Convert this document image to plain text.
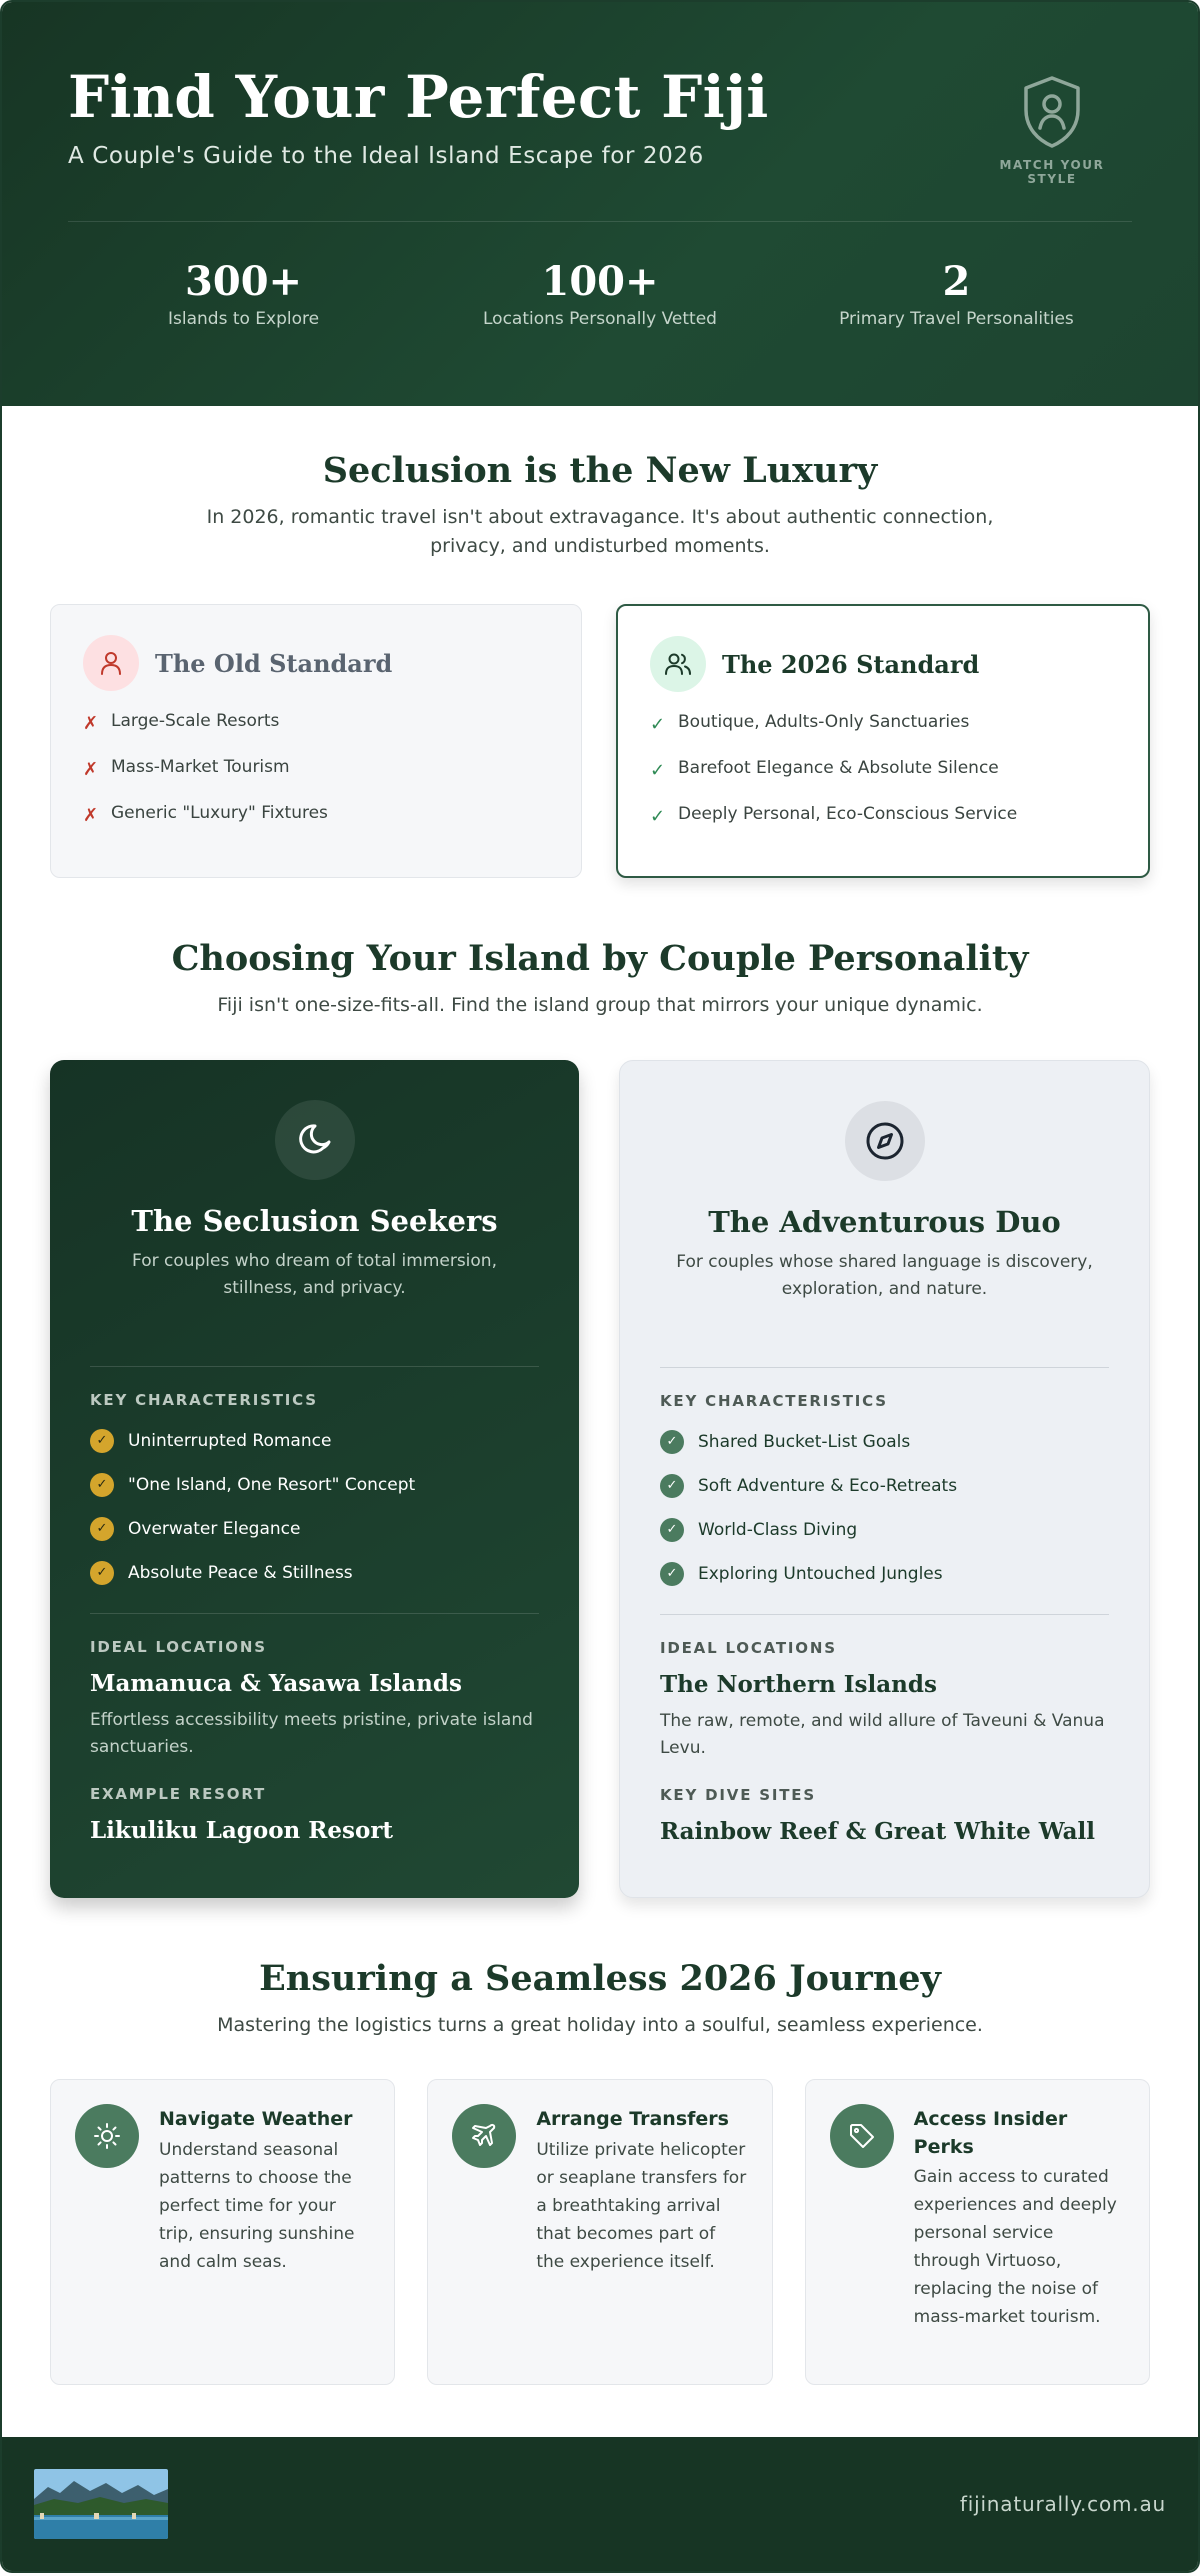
Find Your Perfect Fiji
A Couple's Guide to the Ideal Island Escape for 2026	MATCH YOUR STYLE
300+
Islands to Explore
100+
Locations Personally Vetted
2
Primary Travel Personalities
Seclusion is the New Luxury

In 2026, romantic travel isn't about extravagance. It's about authentic connection, privacy, and undisturbed moments.

The Old Standard
✗ Large-Scale Resorts
✗ Mass-Market Tourism
✗ Generic "Luxury" Fixtures
The 2026 Standard
✓ Boutique, Adults-Only Sanctuaries
✓ Barefoot Elegance & Absolute Silence
✓ Deeply Personal, Eco-Conscious Service
Choosing Your Island by Couple Personality

Fiji isn't one-size-fits-all. Find the island group that mirrors your unique dynamic.

The Seclusion Seekers

For couples who dream of total immersion, stillness, and privacy.

KEY CHARACTERISTICS
✓	Uninterrupted Romance
✓	"One Island, One Resort" Concept
✓	Overwater Elegance
✓	Absolute Peace & Stillness
IDEAL LOCATIONS
Mamanuca & Yasawa Islands

Effortless accessibility meets pristine, private island sanctuaries.

EXAMPLE RESORT
Likuliku Lagoon Resort
The Adventurous Duo

For couples whose shared language is discovery, exploration, and nature.

KEY CHARACTERISTICS
✓	Shared Bucket-List Goals
✓	Soft Adventure & Eco-Retreats
✓	World-Class Diving
✓	Exploring Untouched Jungles
IDEAL LOCATIONS
The Northern Islands

The raw, remote, and wild allure of Taveuni & Vanua Levu.

KEY DIVE SITES
Rainbow Reef & Great White Wall
Ensuring a Seamless 2026 Journey

Mastering the logistics turns a great holiday into a soulful, seamless experience.

Navigate Weather

Understand seasonal patterns to choose the perfect time for your trip, ensuring sunshine and calm seas.

Arrange Transfers

Utilize private helicopter or seaplane transfers for a breathtaking arrival that becomes part of the experience itself.

Access Insider Perks

Gain access to curated experiences and deeply personal service through Virtuoso, replacing the noise of mass-market tourism.

fijinaturally.com.au
